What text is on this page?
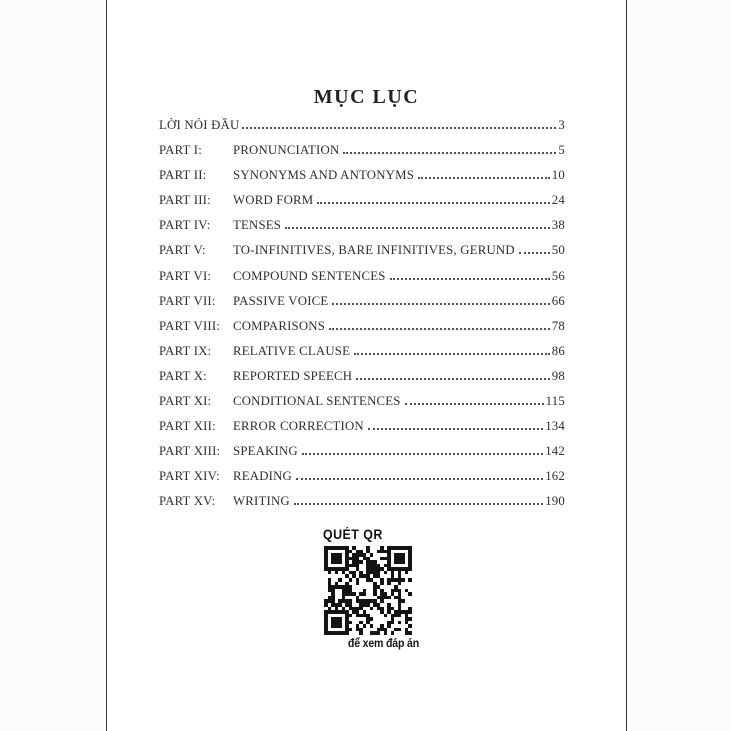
MỤC LỤC
LỜI NÓI ĐẦU	3
PART I:	PRONUNCIATION	5
PART II:	SYNONYMS AND ANTONYMS	10
PART III:	WORD FORM	24
PART IV:	TENSES	38
PART V:	TO-INFINITIVES, BARE INFINITIVES, GERUND	50
PART VI:	COMPOUND SENTENCES	56
PART VII:	PASSIVE VOICE	66
PART VIII:	COMPARISONS	78
PART IX:	RELATIVE CLAUSE	86
PART X:	REPORTED SPEECH	98
PART XI:	CONDITIONAL SENTENCES	115
PART XII:	ERROR CORRECTION	134
PART XIII: SPEAKING	142
PART XIV:	READING	162
PART XV:	WRITING	190
QUÉT QR
để xem đáp án
